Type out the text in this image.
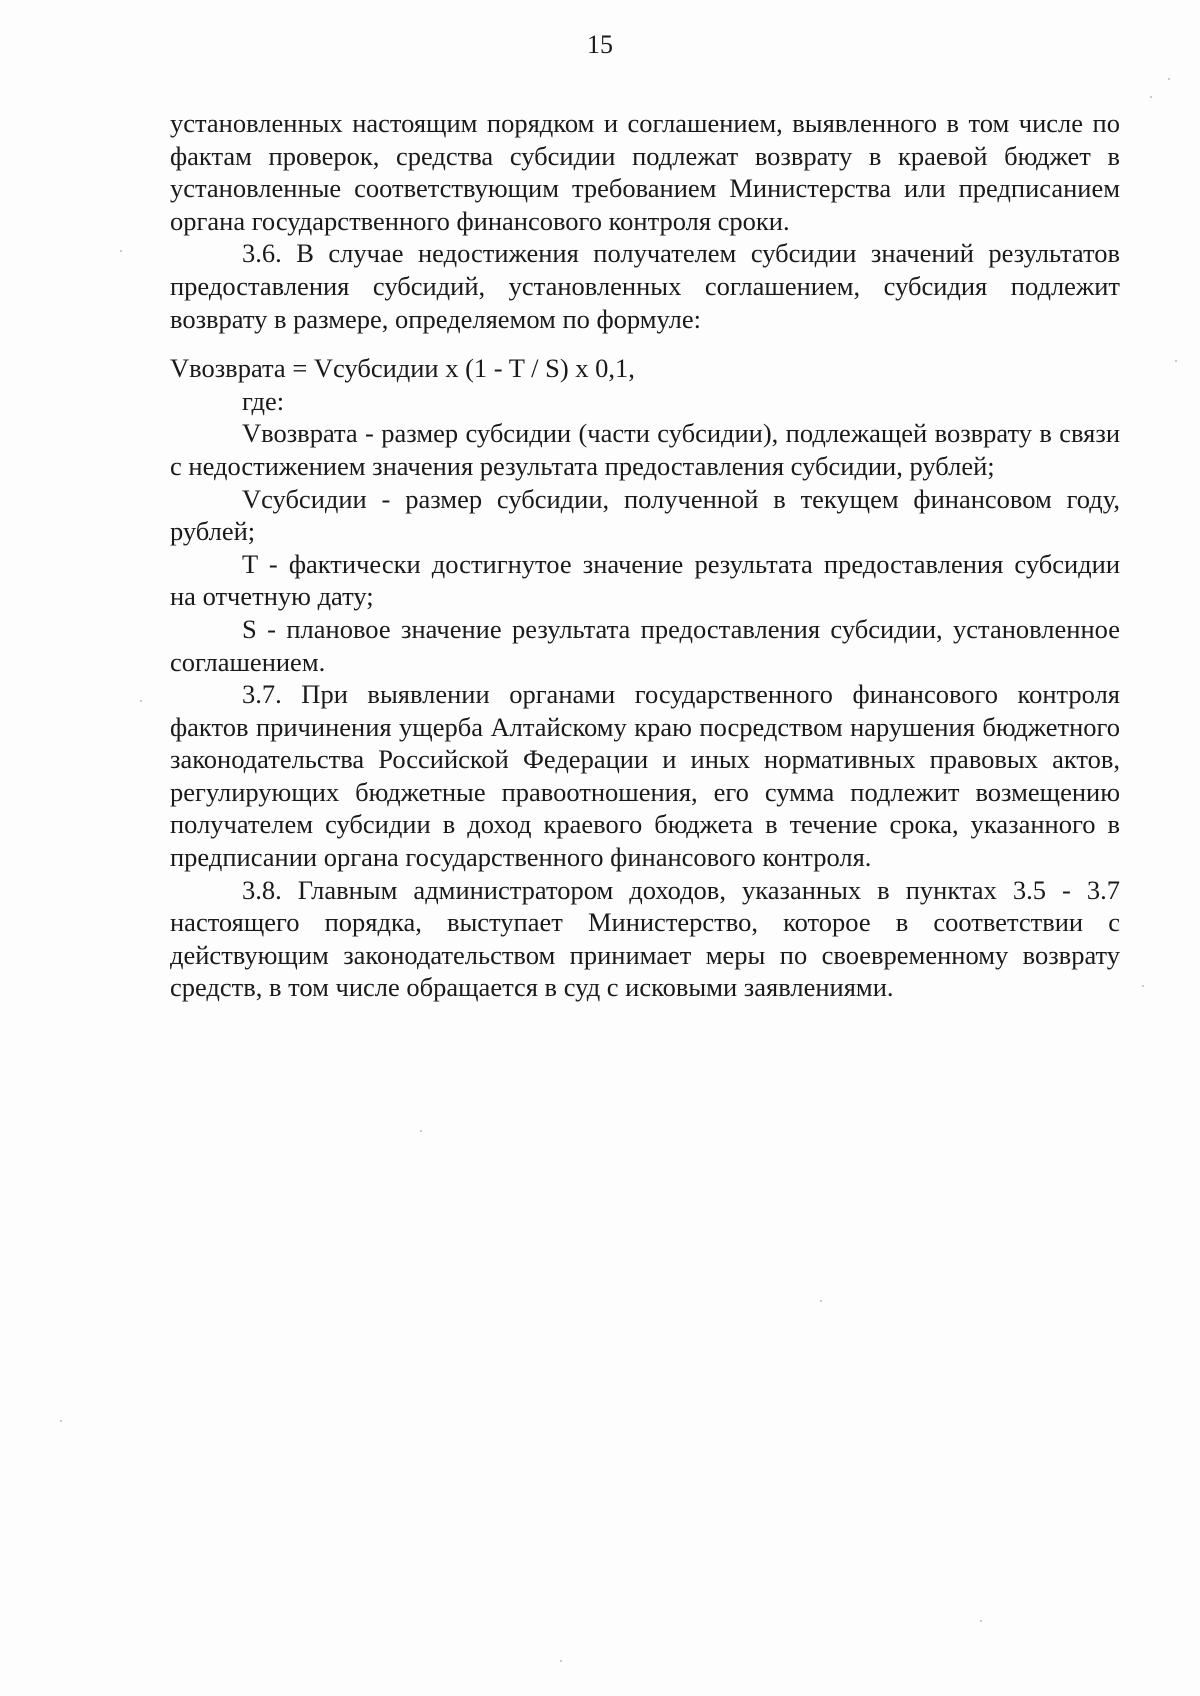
15

установленных настоящим порядком и соглашением, выявленного в том числе по фактам проверок, средства субсидии подлежат возврату в краевой бюджет в установленные соответствующим требованием Министерства или предписанием органа государственного финансового контроля сроки.

3.6. В случае недостижения получателем субсидии значений результатов предоставления субсидий, установленных соглашением, субсидия подлежит возврату в размере, определяемом по формуле:

Vвозврата = Vсубсидии x (1 - T / S) x 0,1,

где:

Vвозврата - размер субсидии (части субсидии), подлежащей возврату в связи с недостижением значения результата предоставления субсидии, рублей;

Vсубсидии - размер субсидии, полученной в текущем финансовом году, рублей;

T - фактически достигнутое значение результата предоставления субсидии на отчетную дату;

S - плановое значение результата предоставления субсидии, установленное соглашением.

3.7. При выявлении органами государственного финансового контроля фактов причинения ущерба Алтайскому краю посредством нарушения бюджетного законодательства Российской Федерации и иных нормативных правовых актов, регулирующих бюджетные правоотношения, его сумма подлежит возмещению получателем субсидии в доход краевого бюджета в течение срока, указанного в предписании органа государственного финансового контроля.

3.8. Главным администратором доходов, указанных в пунктах 3.5 - 3.7 настоящего порядка, выступает Министерство, которое в соответствии с действующим законодательством принимает меры по своевременному возврату средств, в том числе обращается в суд с исковыми заявлениями.
